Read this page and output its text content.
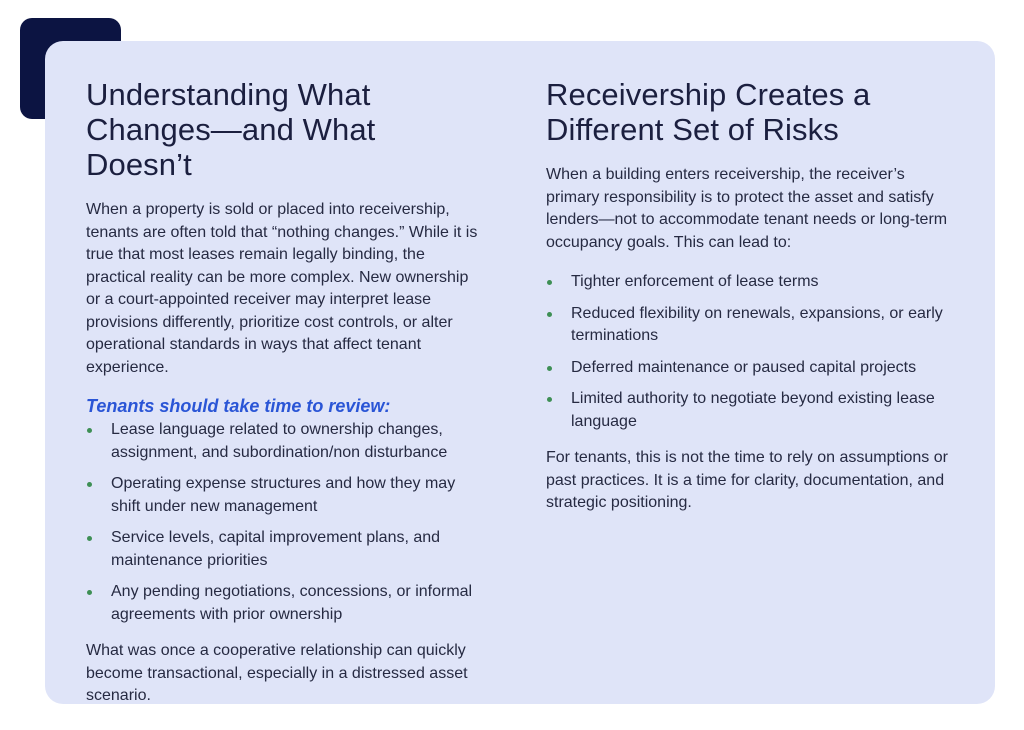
Understanding What
Changes—and What Doesn’t

When a property is sold or placed into receivership, tenants are often told that “nothing changes.” While it is true that most leases remain legally binding, the practical reality can be more complex. New ownership or a court-appointed receiver may interpret lease provisions differently, prioritize cost controls, or alter operational standards in ways that affect tenant experience.

Tenants should take time to review:
Lease language related to ownership changes, assignment, and subordination/non disturbance
Operating expense structures and how they may shift under new management
Service levels, capital improvement plans, and maintenance priorities
Any pending negotiations, concessions, or informal agreements with prior ownership

What was once a cooperative relationship can quickly become transactional, especially in a distressed asset scenario.

Receivership Creates a
Different Set of Risks

When a building enters receivership, the receiver’s primary responsibility is to protect the asset and satisfy lenders—not to accommodate tenant needs or long-term occupancy goals. This can lead to:

Tighter enforcement of lease terms
Reduced flexibility on renewals, expansions, or early terminations
Deferred maintenance or paused capital projects
Limited authority to negotiate beyond existing lease language

For tenants, this is not the time to rely on assumptions or past practices. It is a time for clarity, documentation, and strategic positioning.
